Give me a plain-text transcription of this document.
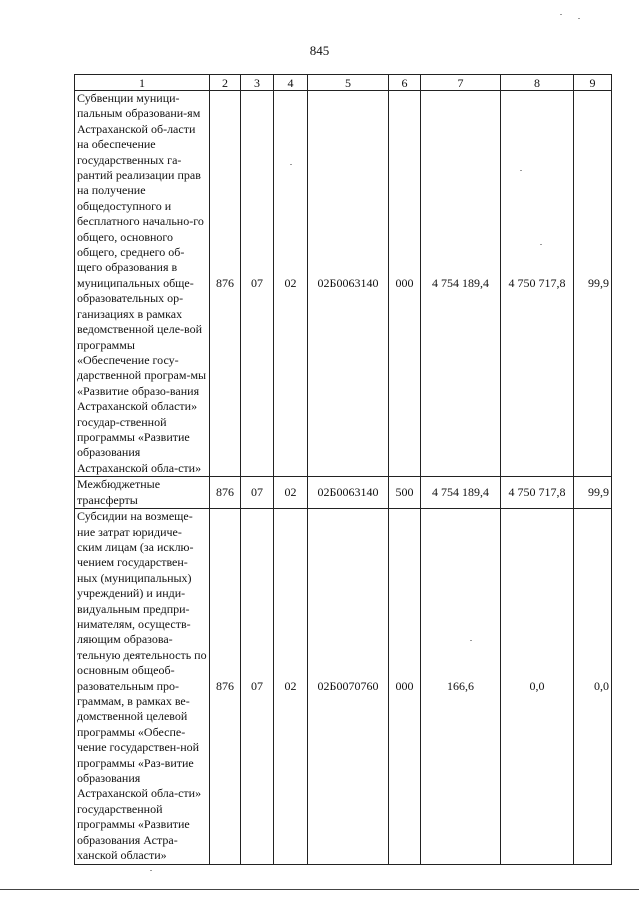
845
1	2	3	4	5	6	7	8	9
Субвенции муници-пальным образовани-ям Астраханской об-ласти на обеспечение государственных га-рантий реализации прав на получение общедоступного и бесплатного начально-го общего, основного общего, среднего об-щего образования в муниципальных обще-образовательных ор-ганизациях в рамках ведомственной целе-вой программы «Обеспечение госу-дарственной програм-мы «Развитие образо-вания Астраханской области» государ-ственной программы «Развитие образования Астраханской обла-сти»	876	07	02	02Б0063140	000	4 754 189,4	4 750 717,8	99,9
Межбюджетные трансферты	876	07	02	02Б0063140	500	4 754 189,4	4 750 717,8	99,9
Субсидии на возмеще-ние затрат юридиче-ским лицам (за исклю-чением государствен-ных (муниципальных) учреждений) и инди-видуальным предпри-нимателям, осуществ-ляющим образова-тельную деятельность по основным общеоб-разовательным про-граммам, в рамках ве-домственной целевой программы «Обеспе-чение государствен-ной программы «Раз-витие образования Астраханской обла-сти» государственной программы «Развитие образования Астра-ханской области»	876	07	02	02Б0070760	000	166,6	0,0	0,0
